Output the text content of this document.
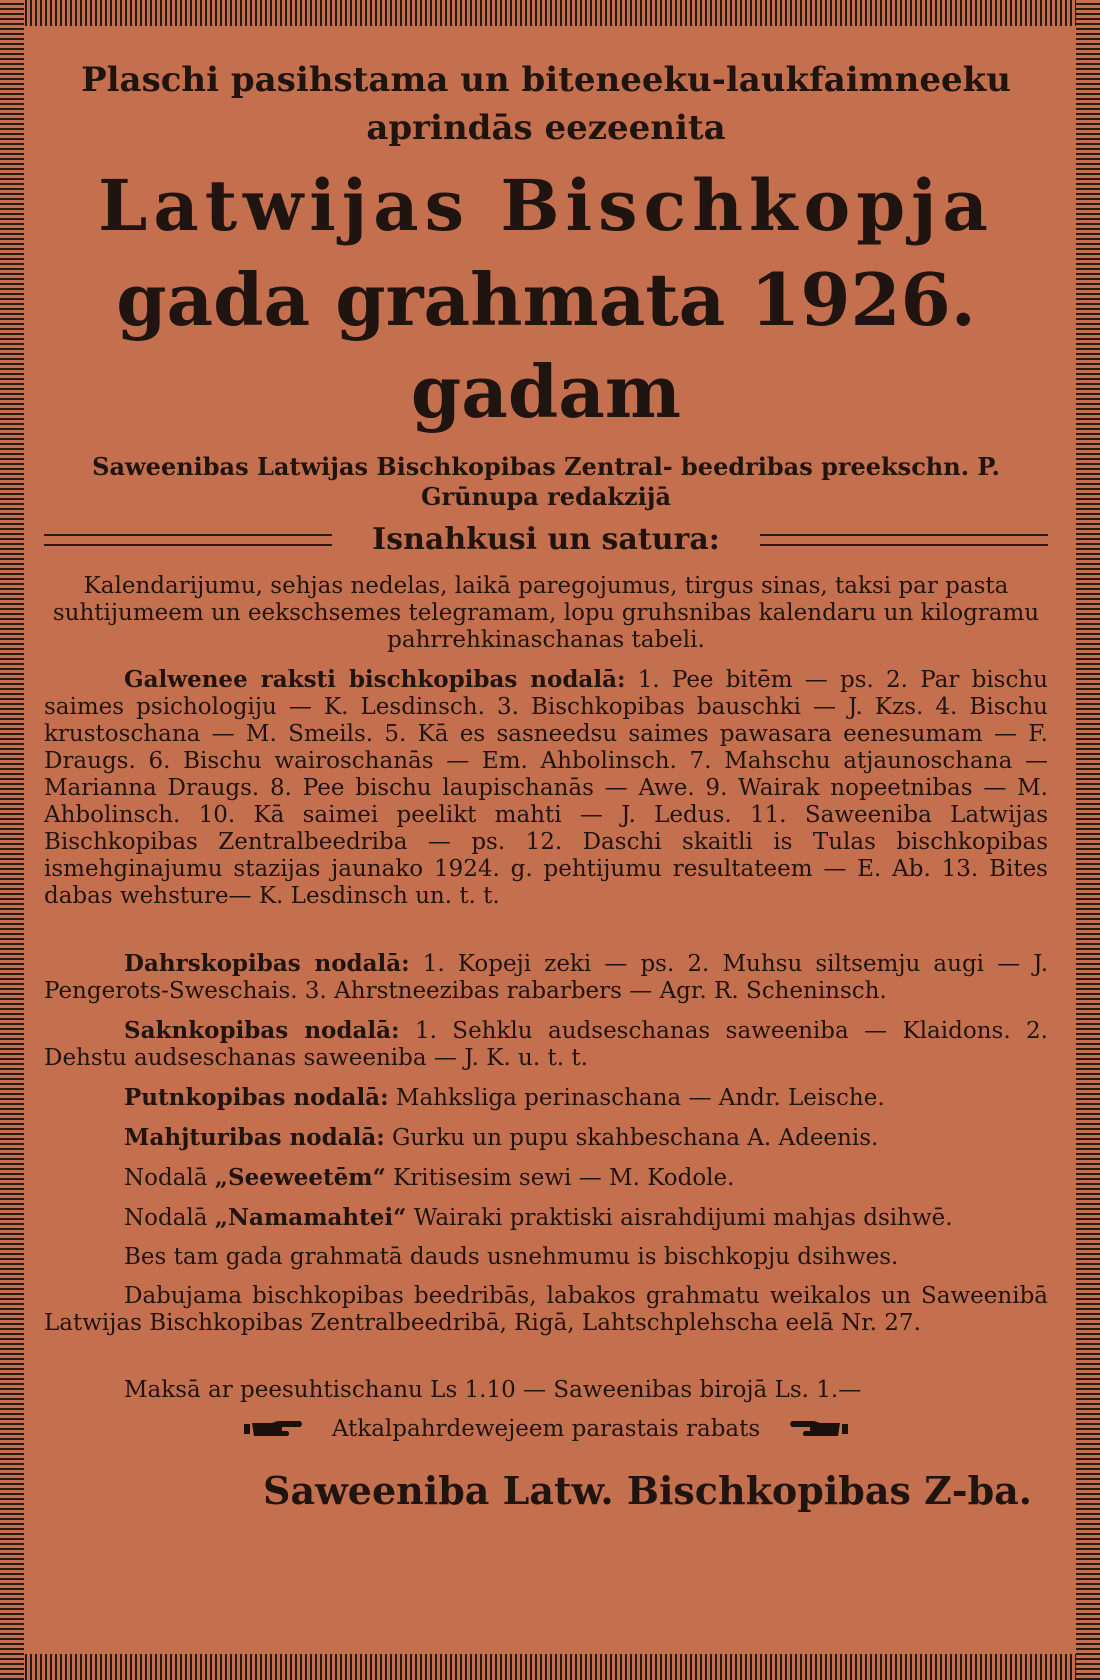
Plaschi pasihstama un biteneeku-laukfaimneeku aprindās eezeenita

Latwijas Bischkopja
gada grahmata 1926. gadam

Saweenibas Latwijas Bischkopibas Zentral- beedribas preekschn. P. Grūnupa redakzijā

Isnahkusi un satura:

Kalendarijumu, sehjas nedelas, laikā paregojumus, tirgus sinas, taksi par pasta suhtijumeem un eekschsemes telegramam, lopu gruhsnibas kalendaru un kilogramu pahrrehkinaschanas tabeli.

Galwenee raksti bischkopibas nodalā: 1. Pee bitēm — ps. 2. Par bischu saimes psichologiju — K. Lesdinsch. 3. Bischkopibas bauschki — J. Kzs. 4. Bischu krustoschana — M. Smeils. 5. Kā es sasneedsu saimes pawasara eenesumam — F. Draugs. 6. Bischu wairoschanās — Em. Ahbolinsch. 7. Mahschu atjaunoschana — Marianna Draugs. 8. Pee bischu laupischanās — Awe. 9. Wairak nopeetnibas — M. Ahbolinsch. 10. Kā saimei peelikt mahti — J. Ledus. 11. Saweeniba Latwijas Bischkopibas Zentralbeedriba — ps. 12. Daschi skaitli is Tulas bischkopibas ismehginajumu stazijas jaunako 1924. g. pehtijumu resultateem — E. Ab. 13. Bites dabas wehsture— K. Lesdinsch un. t. t.

Dahrskopibas nodalā: 1. Kopeji zeki — ps. 2. Muhsu siltsemju augi — J. Pengerots-Sweschais. 3. Ahrstneezibas rabarbers — Agr. R. Scheninsch.

Saknkopibas nodalā: 1. Sehklu audseschanas saweeniba — Klaidons. 2. Dehstu audseschanas saweeniba — J. K. u. t. t.

Putnkopibas nodalā: Mahksliga perinaschana — Andr. Leische.

Mahjturibas nodalā: Gurku un pupu skahbeschana A. Adeenis.

Nodalā „Seeweetēm“ Kritisesim sewi — M. Kodole.

Nodalā „Namamahtei“ Wairaki praktiski aisrahdijumi mahjas dsihwē.

Bes tam gada grahmatā dauds usnehmumu is bischkopju dsihwes.

Dabujama bischkopibas beedribās, labakos grahmatu weikalos un Saweenibā Latwijas Bischkopibas Zentralbeedribā, Rigā, Lahtschplehscha eelā Nr. 27.

Maksā ar peesuhtischanu Ls 1.10 — Saweenibas birojā Ls. 1.—

Atkalpahrdewejeem parastais rabats
Saweeniba Latw. Bischkopibas Z-ba.
